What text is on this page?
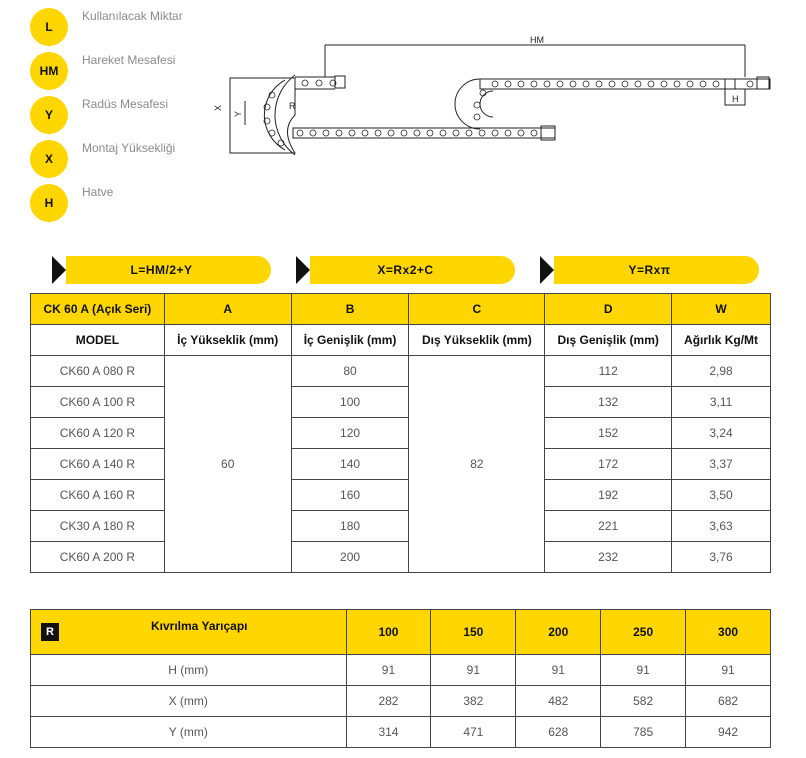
L
Kullanılacak Miktar
HM
Hareket Mesafesi
Y
Radüs Mesafesi
X
Montaj Yüksekliği
H
Hatve
HM
H
X
Y
R
L=HM/2+Y	X=Rx2+C	Y=Rxπ
CK 60 A (Açık Seri)	A	B	C	D	W
MODEL	İç Yükseklik (mm)	İç Genişlik (mm)	Dış Yükseklik (mm)	Dış Genişlik (mm)	Ağırlık Kg/Mt
CK60 A 080 R	60	80	82	112	2,98
CK60 A 100 R		100		132	3,11
CK60 A 120 R		120		152	3,24
CK60 A 140 R		140		172	3,37
CK60 A 160 R		160		192	3,50
CK30 A 180 R		180		221	3,63
CK60 A 200 R		200		232	3,76
R Kıvrılma Yarıçapı	100	150	200	250	300
H (mm)	91	91	91	91	91
X (mm)	282	382	482	582	682
Y (mm)	314	471	628	785	942
